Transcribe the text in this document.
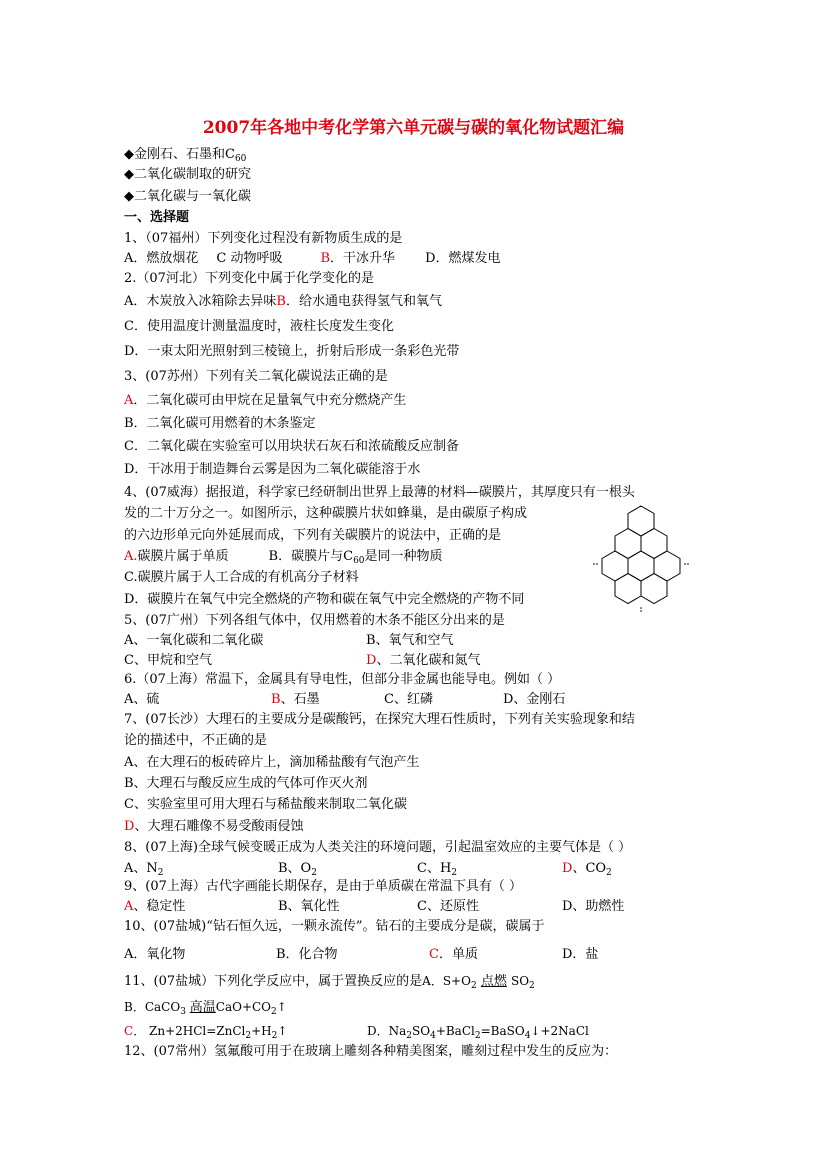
2007年各地中考化学第六单元碳与碳的氧化物试题汇编
◆金刚石、石墨和$C_{60}$
◆二氧化碳制取的研究
◆二氧化碳与一氧化碳
一、选择题
1、（07福州）下列变化过程没有新物质生成的是
A．燃放烟花 C 动物呼吸	B．干冰升华 D．燃煤发电
2.（07河北）下列变化中属于化学变化的是
A．木炭放入冰箱除去异味B．给水通电获得氢气和氧气
C．使用温度计测量温度时，液柱长度发生变化
D．一束太阳光照射到三棱镜上，折射后形成一条彩色光带
3、(07苏州）下列有关二氧化碳说法正确的是
A．二氧化碳可由甲烷在足量氧气中充分燃烧产生
B．二氧化碳可用燃着的木条鉴定
C．二氧化碳在实验室可以用块状石灰石和浓硫酸反应制备
D．干冰用于制造舞台云雾是因为二氧化碳能溶于水
4、(07威海）据报道，科学家已经研制出世界上最薄的材料—碳膜片，其厚度只有一根头
发的二十万分之一。如图所示，这种碳膜片状如蜂巢，是由碳原子构成
的六边形单元向外延展而成，下列有关碳膜片的说法中，正确的是
A.碳膜片属于单质	B．碳膜片与$C_{60}$是同一种物质
C.碳膜片属于人工合成的有机高分子材料
D．碳膜片在氧气中完全燃烧的产物和碳在氧气中完全燃烧的产物不同
5、(07广州）下列各组气体中，仅用燃着的木条不能区分出来的是
A、一氧化碳和二氧化碳	B、氧气和空气
C、甲烷和空气	D、二氧化碳和氮气
6.（07上海）常温下，金属具有导电性，但部分非金属也能导电。例如（ ）
A、硫	B、石墨	C、红磷	D、金刚石
7、(07长沙）大理石的主要成分是碳酸钙，在探究大理石性质时，下列有关实验现象和结
论的描述中，不正确的是
A、在大理石的板砖碎片上，滴加稀盐酸有气泡产生
B、大理石与酸反应生成的气体可作灭火剂
C、实验室里可用大理石与稀盐酸来制取二氧化碳
D、大理石雕像不易受酸雨侵蚀
8、(07上海)全球气候变暖正成为人类关注的环境问题，引起温室效应的主要气体是（ ）
A、$N_2$	B、$O_2$	C、$H_2$	D、$CO_2$
9、(07上海）古代字画能长期保存，是由于单质碳在常温下具有（ ）
A、稳定性	B、氧化性	C、还原性	D、助燃性
10、(07盐城)“钻石恒久远，一颗永流传”。钻石的主要成分是碳，碳属于
A．氧化物	B．化合物	C．单质	D．盐
11、(07盐城）下列化学反应中，属于置换反应的是A．$S+O_2$ 点燃 $SO_2$
B．CaCO$_3$ 高温$CaO+CO_2↑$
C． $Zn+2HCl=ZnCl_2+H_2↑$	D．$Na_2SO_4+BaCl_2=BaSO_4↓+2NaCl$
12、(07常州）氢氟酸可用于在玻璃上雕刻各种精美图案，雕刻过程中发生的反应为：
